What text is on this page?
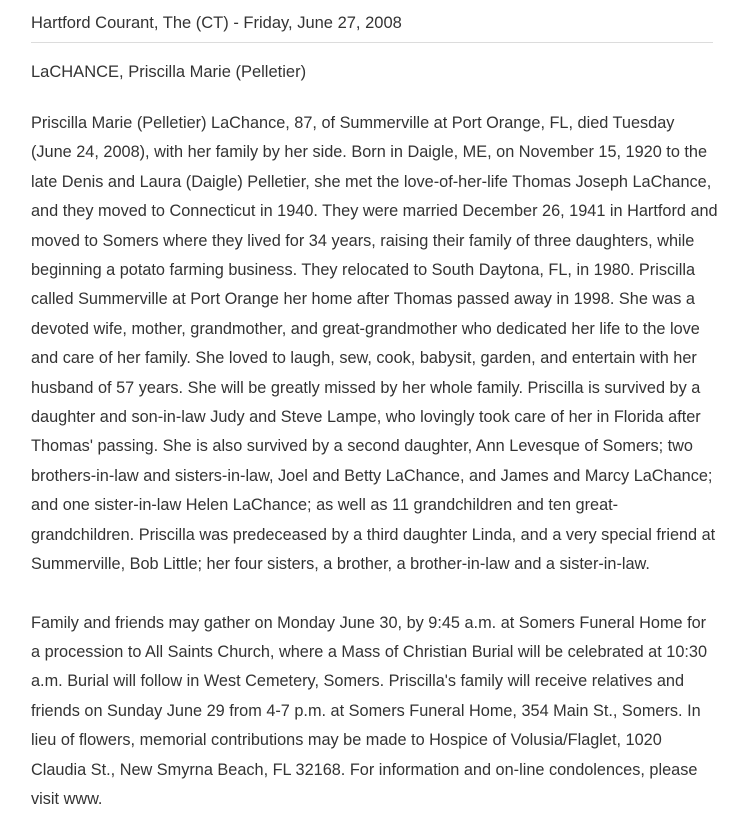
Hartford Courant, The (CT) - Friday, June 27, 2008

LaCHANCE, Priscilla Marie (Pelletier)

Priscilla Marie (Pelletier) LaChance, 87, of Summerville at Port Orange, FL, died Tuesday (June 24, 2008), with her family by her side. Born in Daigle, ME, on November 15, 1920 to the late Denis and Laura (Daigle) Pelletier, she met the love-of-her-life Thomas Joseph LaChance, and they moved to Connecticut in 1940. They were married December 26, 1941 in Hartford and moved to Somers where they lived for 34 years, raising their family of three daughters, while beginning a potato farming business. They relocated to South Daytona, FL, in 1980. Priscilla called Summerville at Port Orange her home after Thomas passed away in 1998. She was a devoted wife, mother, grandmother, and great-grandmother who dedicated her life to the love and care of her family. She loved to laugh, sew, cook, babysit, garden, and entertain with her husband of 57 years. She will be greatly missed by her whole family. Priscilla is survived by a daughter and son-in-law Judy and Steve Lampe, who lovingly took care of her in Florida after Thomas' passing. She is also survived by a second daughter, Ann Levesque of Somers; two brothers-in-law and sisters-in-law, Joel and Betty LaChance, and James and Marcy LaChance; and one sister-in-law Helen LaChance; as well as 11 grandchildren and ten great-grandchildren. Priscilla was predeceased by a third daughter Linda, and a very special friend at Summerville, Bob Little; her four sisters, a brother, a brother-in-law and a sister-in-law.

Family and friends may gather on Monday June 30, by 9:45 a.m. at Somers Funeral Home for a procession to All Saints Church, where a Mass of Christian Burial will be celebrated at 10:30 a.m. Burial will follow in West Cemetery, Somers. Priscilla's family will receive relatives and friends on Sunday June 29 from 4-7 p.m. at Somers Funeral Home, 354 Main St., Somers. In lieu of flowers, memorial contributions may be made to Hospice of Volusia/Flaglet, 1020 Claudia St., New Smyrna Beach, FL 32168. For information and on-line condolences, please visit www.
